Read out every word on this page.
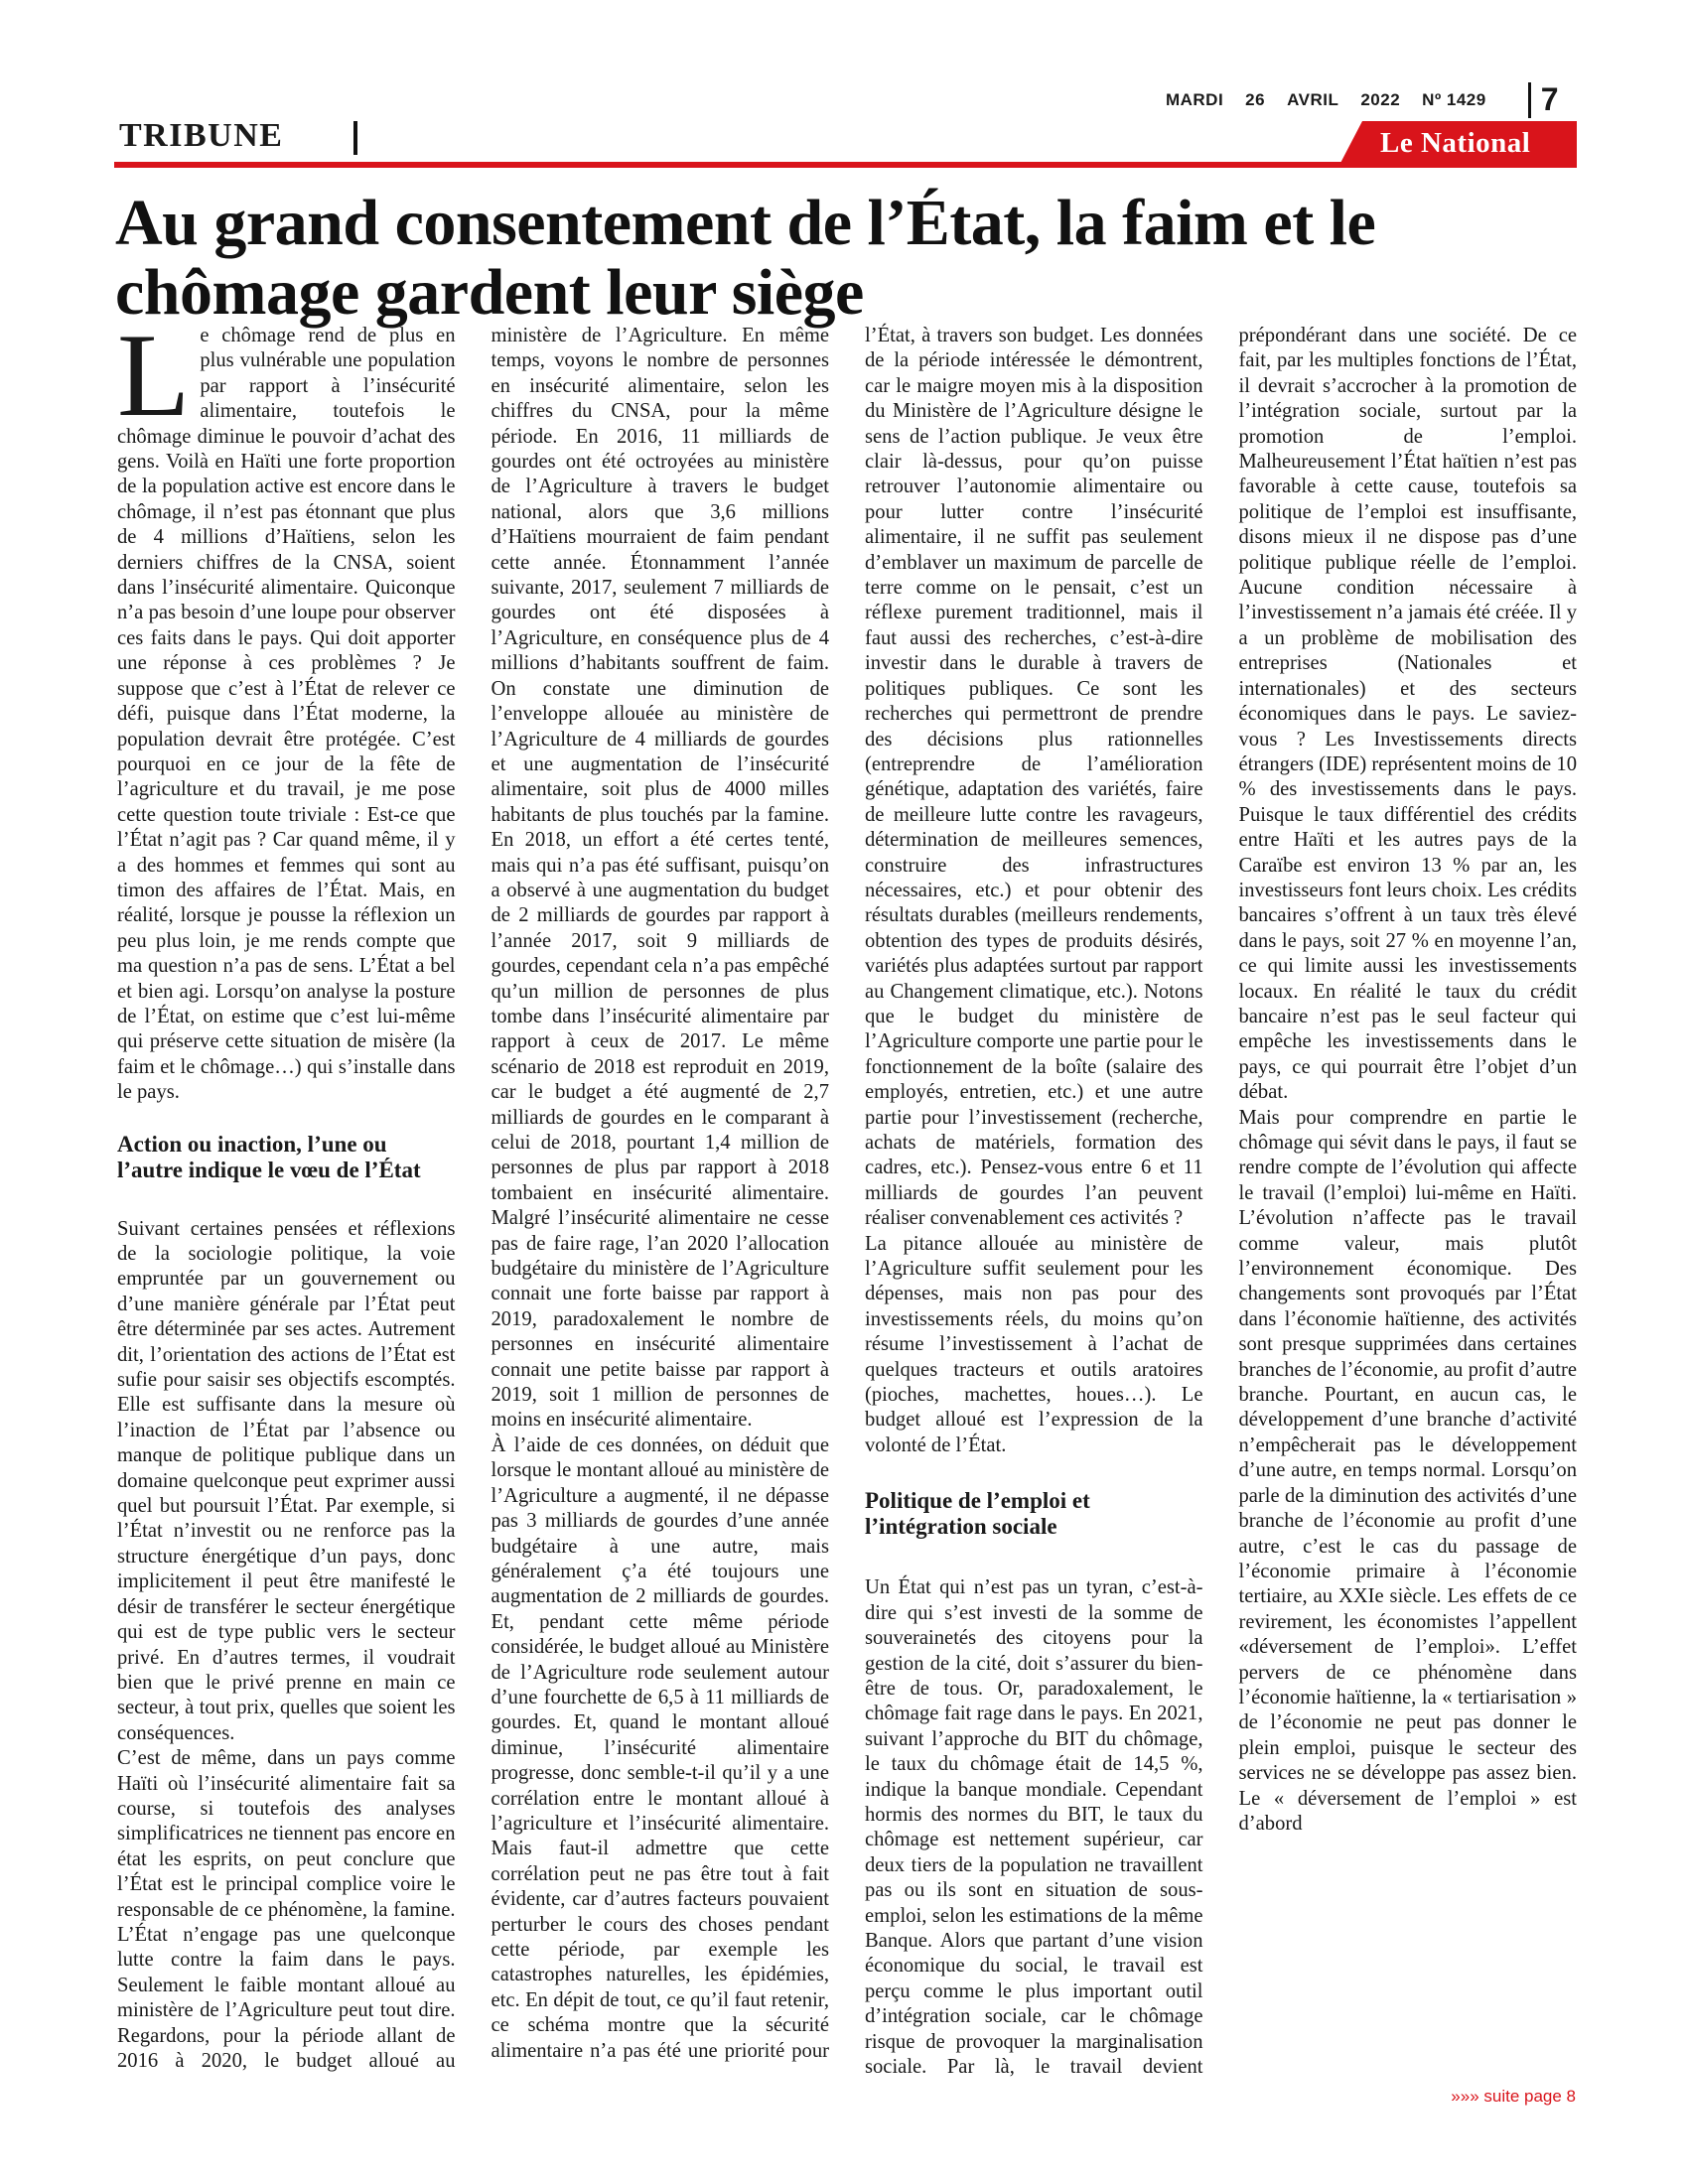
MARDI 26 AVRIL 2022 Nº 1429 7
TRIBUNE	Le National
Au grand consentement de l’État, la faim et le chômage gardent leur siège

Le chômage rend de plus en plus vulnérable une population par rapport à l’insécurité alimentaire, toutefois le chômage diminue le pouvoir d’achat des gens. Voilà en Haïti une forte proportion de la population active est encore dans le chômage, il n’est pas étonnant que plus de 4 millions d’Haïtiens, selon les derniers chiffres de la CNSA, soient dans l’insécurité alimentaire. Quiconque n’a pas besoin d’une loupe pour observer ces faits dans le pays. Qui doit apporter une réponse à ces problèmes ? Je suppose que c’est à l’État de relever ce défi, puisque dans l’État moderne, la population devrait être protégée. C’est pourquoi en ce jour de la fête de l’agriculture et du travail, je me pose cette question toute triviale : Est-ce que l’État n’agit pas ? Car quand même, il y a des hommes et femmes qui sont au timon des affaires de l’État. Mais, en réalité, lorsque je pousse la réflexion un peu plus loin, je me rends compte que ma question n’a pas de sens. L’État a bel et bien agi. Lorsqu’on analyse la posture de l’État, on estime que c’est lui-même qui préserve cette situation de misère (la faim et le chômage…) qui s’installe dans le pays.

Action ou inaction, l’une ou l’autre indique le vœu de l’État

Suivant certaines pensées et réflexions de la sociologie politique, la voie empruntée par un gouvernement ou d’une manière générale par l’État peut être déterminée par ses actes. Autrement dit, l’orientation des actions de l’État est sufie pour saisir ses objectifs escomptés. Elle est suffisante dans la mesure où l’inaction de l’État par l’absence ou manque de politique publique dans un domaine quelconque peut exprimer aussi quel but poursuit l’État. Par exemple, si l’État n’investit ou ne renforce pas la structure énergétique d’un pays, donc implicitement il peut être manifesté le désir de transférer le secteur énergétique qui est de type public vers le secteur privé. En d’autres termes, il voudrait bien que le privé prenne en main ce secteur, à tout prix, quelles que soient les conséquences.

C’est de même, dans un pays comme Haïti où l’insécurité alimentaire fait sa course, si toutefois des analyses simplificatrices ne tiennent pas encore en état les esprits, on peut conclure que l’État est le principal complice voire le responsable de ce phénomène, la famine. L’État n’engage pas une quelconque lutte contre la faim dans le pays. Seulement le faible montant alloué au ministère de l’Agriculture peut tout dire. Regardons, pour la période allant de 2016 à 2020, le budget alloué au ministère de l’Agriculture. En même temps, voyons le nombre de personnes en insécurité alimentaire, selon les chiffres du CNSA, pour la même période. En 2016, 11 milliards de gourdes ont été octroyées au ministère de l’Agriculture à travers le budget national, alors que 3,6 millions d’Haïtiens mourraient de faim pendant cette année. Étonnamment l’année suivante, 2017, seulement 7 milliards de gourdes ont été disposées à l’Agriculture, en conséquence plus de 4 millions d’habitants souffrent de faim. On constate une diminution de l’enveloppe allouée au ministère de l’Agriculture de 4 milliards de gourdes et une augmentation de l’insécurité alimentaire, soit plus de 4000 milles habitants de plus touchés par la famine. En 2018, un effort a été certes tenté, mais qui n’a pas été suffisant, puisqu’on a observé à une augmentation du budget de 2 milliards de gourdes par rapport à l’année 2017, soit 9 milliards de gourdes, cependant cela n’a pas empêché qu’un million de personnes de plus tombe dans l’insécurité alimentaire par rapport à ceux de 2017. Le même scénario de 2018 est reproduit en 2019, car le budget a été augmenté de 2,7 milliards de gourdes en le comparant à celui de 2018, pourtant 1,4 million de personnes de plus par rapport à 2018 tombaient en insécurité alimentaire. Malgré l’insécurité alimentaire ne cesse pas de faire rage, l’an 2020 l’allocation budgétaire du ministère de l’Agriculture connait une forte baisse par rapport à 2019, paradoxalement le nombre de personnes en insécurité alimentaire connait une petite baisse par rapport à 2019, soit 1 million de personnes de moins en insécurité alimentaire.

À l’aide de ces données, on déduit que lorsque le montant alloué au ministère de l’Agriculture a augmenté, il ne dépasse pas 3 milliards de gourdes d’une année budgétaire à une autre, mais généralement ç’a été toujours une augmentation de 2 milliards de gourdes. Et, pendant cette même période considérée, le budget alloué au Ministère de l’Agriculture rode seulement autour d’une fourchette de 6,5 à 11 milliards de gourdes. Et, quand le montant alloué diminue, l’insécurité alimentaire progresse, donc semble-t-il qu’il y a une corrélation entre le montant alloué à l’agriculture et l’insécurité alimentaire. Mais faut-il admettre que cette corrélation peut ne pas être tout à fait évidente, car d’autres facteurs pouvaient perturber le cours des choses pendant cette période, par exemple les catastrophes naturelles, les épidémies, etc. En dépit de tout, ce qu’il faut retenir, ce schéma montre que la sécurité alimentaire n’a pas été une priorité pour l’État, à travers son budget. Les données de la période intéressée le démontrent, car le maigre moyen mis à la disposition du Ministère de l’Agriculture désigne le sens de l’action publique. Je veux être clair là-dessus, pour qu’on puisse retrouver l’autonomie alimentaire ou pour lutter contre l’insécurité alimentaire, il ne suffit pas seulement d’emblaver un maximum de parcelle de terre comme on le pensait, c’est un réflexe purement traditionnel, mais il faut aussi des recherches, c’est-à-dire investir dans le durable à travers de politiques publiques. Ce sont les recherches qui permettront de prendre des décisions plus rationnelles (entreprendre de l’amélioration génétique, adaptation des variétés, faire de meilleure lutte contre les ravageurs, détermination de meilleures semences, construire des infrastructures nécessaires, etc.) et pour obtenir des résultats durables (meilleurs rendements, obtention des types de produits désirés, variétés plus adaptées surtout par rapport au Changement climatique, etc.). Notons que le budget du ministère de l’Agriculture comporte une partie pour le fonctionnement de la boîte (salaire des employés, entretien, etc.) et une autre partie pour l’investissement (recherche, achats de matériels, formation des cadres, etc.). Pensez-vous entre 6 et 11 milliards de gourdes l’an peuvent réaliser convenablement ces activités ?

La pitance allouée au ministère de l’Agriculture suffit seulement pour les dépenses, mais non pas pour des investissements réels, du moins qu’on résume l’investissement à l’achat de quelques tracteurs et outils aratoires (pioches, machettes, houes…). Le budget alloué est l’expression de la volonté de l’État.

Politique de l’emploi et l’intégration sociale

Un État qui n’est pas un tyran, c’est-à-dire qui s’est investi de la somme de souverainetés des citoyens pour la gestion de la cité, doit s’assurer du bien-être de tous. Or, paradoxalement, le chômage fait rage dans le pays. En 2021, suivant l’approche du BIT du chômage, le taux du chômage était de 14,5 %, indique la banque mondiale. Cependant hormis des normes du BIT, le taux du chômage est nettement supérieur, car deux tiers de la population ne travaillent pas ou ils sont en situation de sous-emploi, selon les estimations de la même Banque. Alors que partant d’une vision économique du social, le travail est perçu comme le plus important outil d’intégration sociale, car le chômage risque de provoquer la marginalisation sociale. Par là, le travail devient prépondérant dans une société. De ce fait, par les multiples fonctions de l’État, il devrait s’accrocher à la promotion de l’intégration sociale, surtout par la promotion de l’emploi. Malheureusement l’État haïtien n’est pas favorable à cette cause, toutefois sa politique de l’emploi est insuffisante, disons mieux il ne dispose pas d’une politique publique réelle de l’emploi. Aucune condition nécessaire à l’investissement n’a jamais été créée. Il y a un problème de mobilisation des entreprises (Nationales et internationales) et des secteurs économiques dans le pays. Le saviez-vous ? Les Investissements directs étrangers (IDE) représentent moins de 10 % des investissements dans le pays. Puisque le taux différentiel des crédits entre Haïti et les autres pays de la Caraïbe est environ 13 % par an, les investisseurs font leurs choix. Les crédits bancaires s’offrent à un taux très élevé dans le pays, soit 27 % en moyenne l’an, ce qui limite aussi les investissements locaux. En réalité le taux du crédit bancaire n’est pas le seul facteur qui empêche les investissements dans le pays, ce qui pourrait être l’objet d’un débat.

Mais pour comprendre en partie le chômage qui sévit dans le pays, il faut se rendre compte de l’évolution qui affecte le travail (l’emploi) lui-même en Haïti. L’évolution n’affecte pas le travail comme valeur, mais plutôt l’environnement économique. Des changements sont provoqués par l’État dans l’économie haïtienne, des activités sont presque supprimées dans certaines branches de l’économie, au profit d’autre branche. Pourtant, en aucun cas, le développement d’une branche d’activité n’empêcherait pas le développement d’une autre, en temps normal. Lorsqu’on parle de la diminution des activités d’une branche de l’économie au profit d’une autre, c’est le cas du passage de l’économie primaire à l’économie tertiaire, au XXIe siècle. Les effets de ce revirement, les économistes l’appellent «déversement de l’emploi». L’effet pervers de ce phénomène dans l’économie haïtienne, la « tertiarisation » de l’économie ne peut pas donner le plein emploi, puisque le secteur des services ne se développe pas assez bien. Le « déversement de l’emploi » est d’abord

»»» suite page 8
